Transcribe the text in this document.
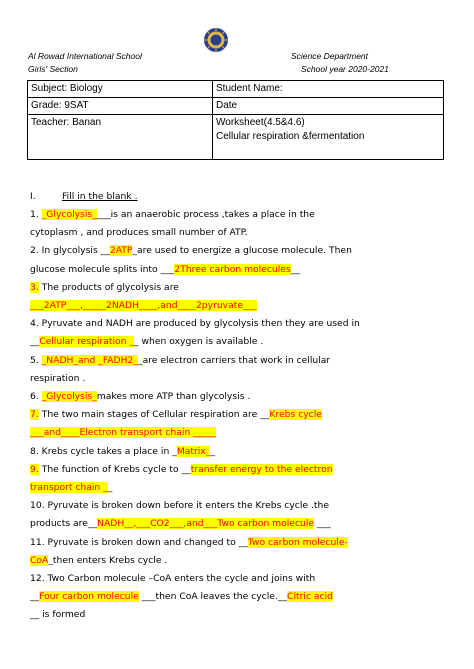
Al Rowad International School
Girls' Section
Science Department
School year 2020-2021
Subject: Biology	Student Name:
Grade: 9SAT	Date
Teacher: Banan	Worksheet(4.5&4.6)
Cellular respiration &fermentation
I.	Fill in the blank .
1. _Glycolysis____is an anaerobic process ,takes a place in the
cytoplasm , and produces small number of ATP.
2. In glycolysis __2ATP_are used to energize a glucose molecule. Then
glucose molecule splits into ___2Three carbon molecules__
3. The products of glycolysis are
___2ATP___,_____2NADH____,and____2pyruvate___
4. Pyruvate and NADH are produced by glycolysis then they are used in
__Cellular respiration __ when oxygen is available .
5. _NADH_and _FADH2__are electron carriers that work in cellular
respiration .
6. _Glycolysis_makes more ATP than glycolysis .
7. The two main stages of Cellular respiration are __Krebs cycle
___and____Electron transport chain _____
8. Krebs cycle takes a place in _Matrix__
9. The function of Krebs cycle to __transfer energy to the electron
transport chain __
10. Pyruvate is broken down before it enters the Krebs cycle .the
products are__NADH__,___CO2___,and___Two carbon molecule ___
11. Pyruvate is broken down and changed to __Two carbon molecule-
CoA_then enters Krebs cycle .
12. Two Carbon molecule –CoA enters the cycle and joins with
__Four carbon molecule ___then CoA leaves the cycle.__Citric acid
__ is formed
